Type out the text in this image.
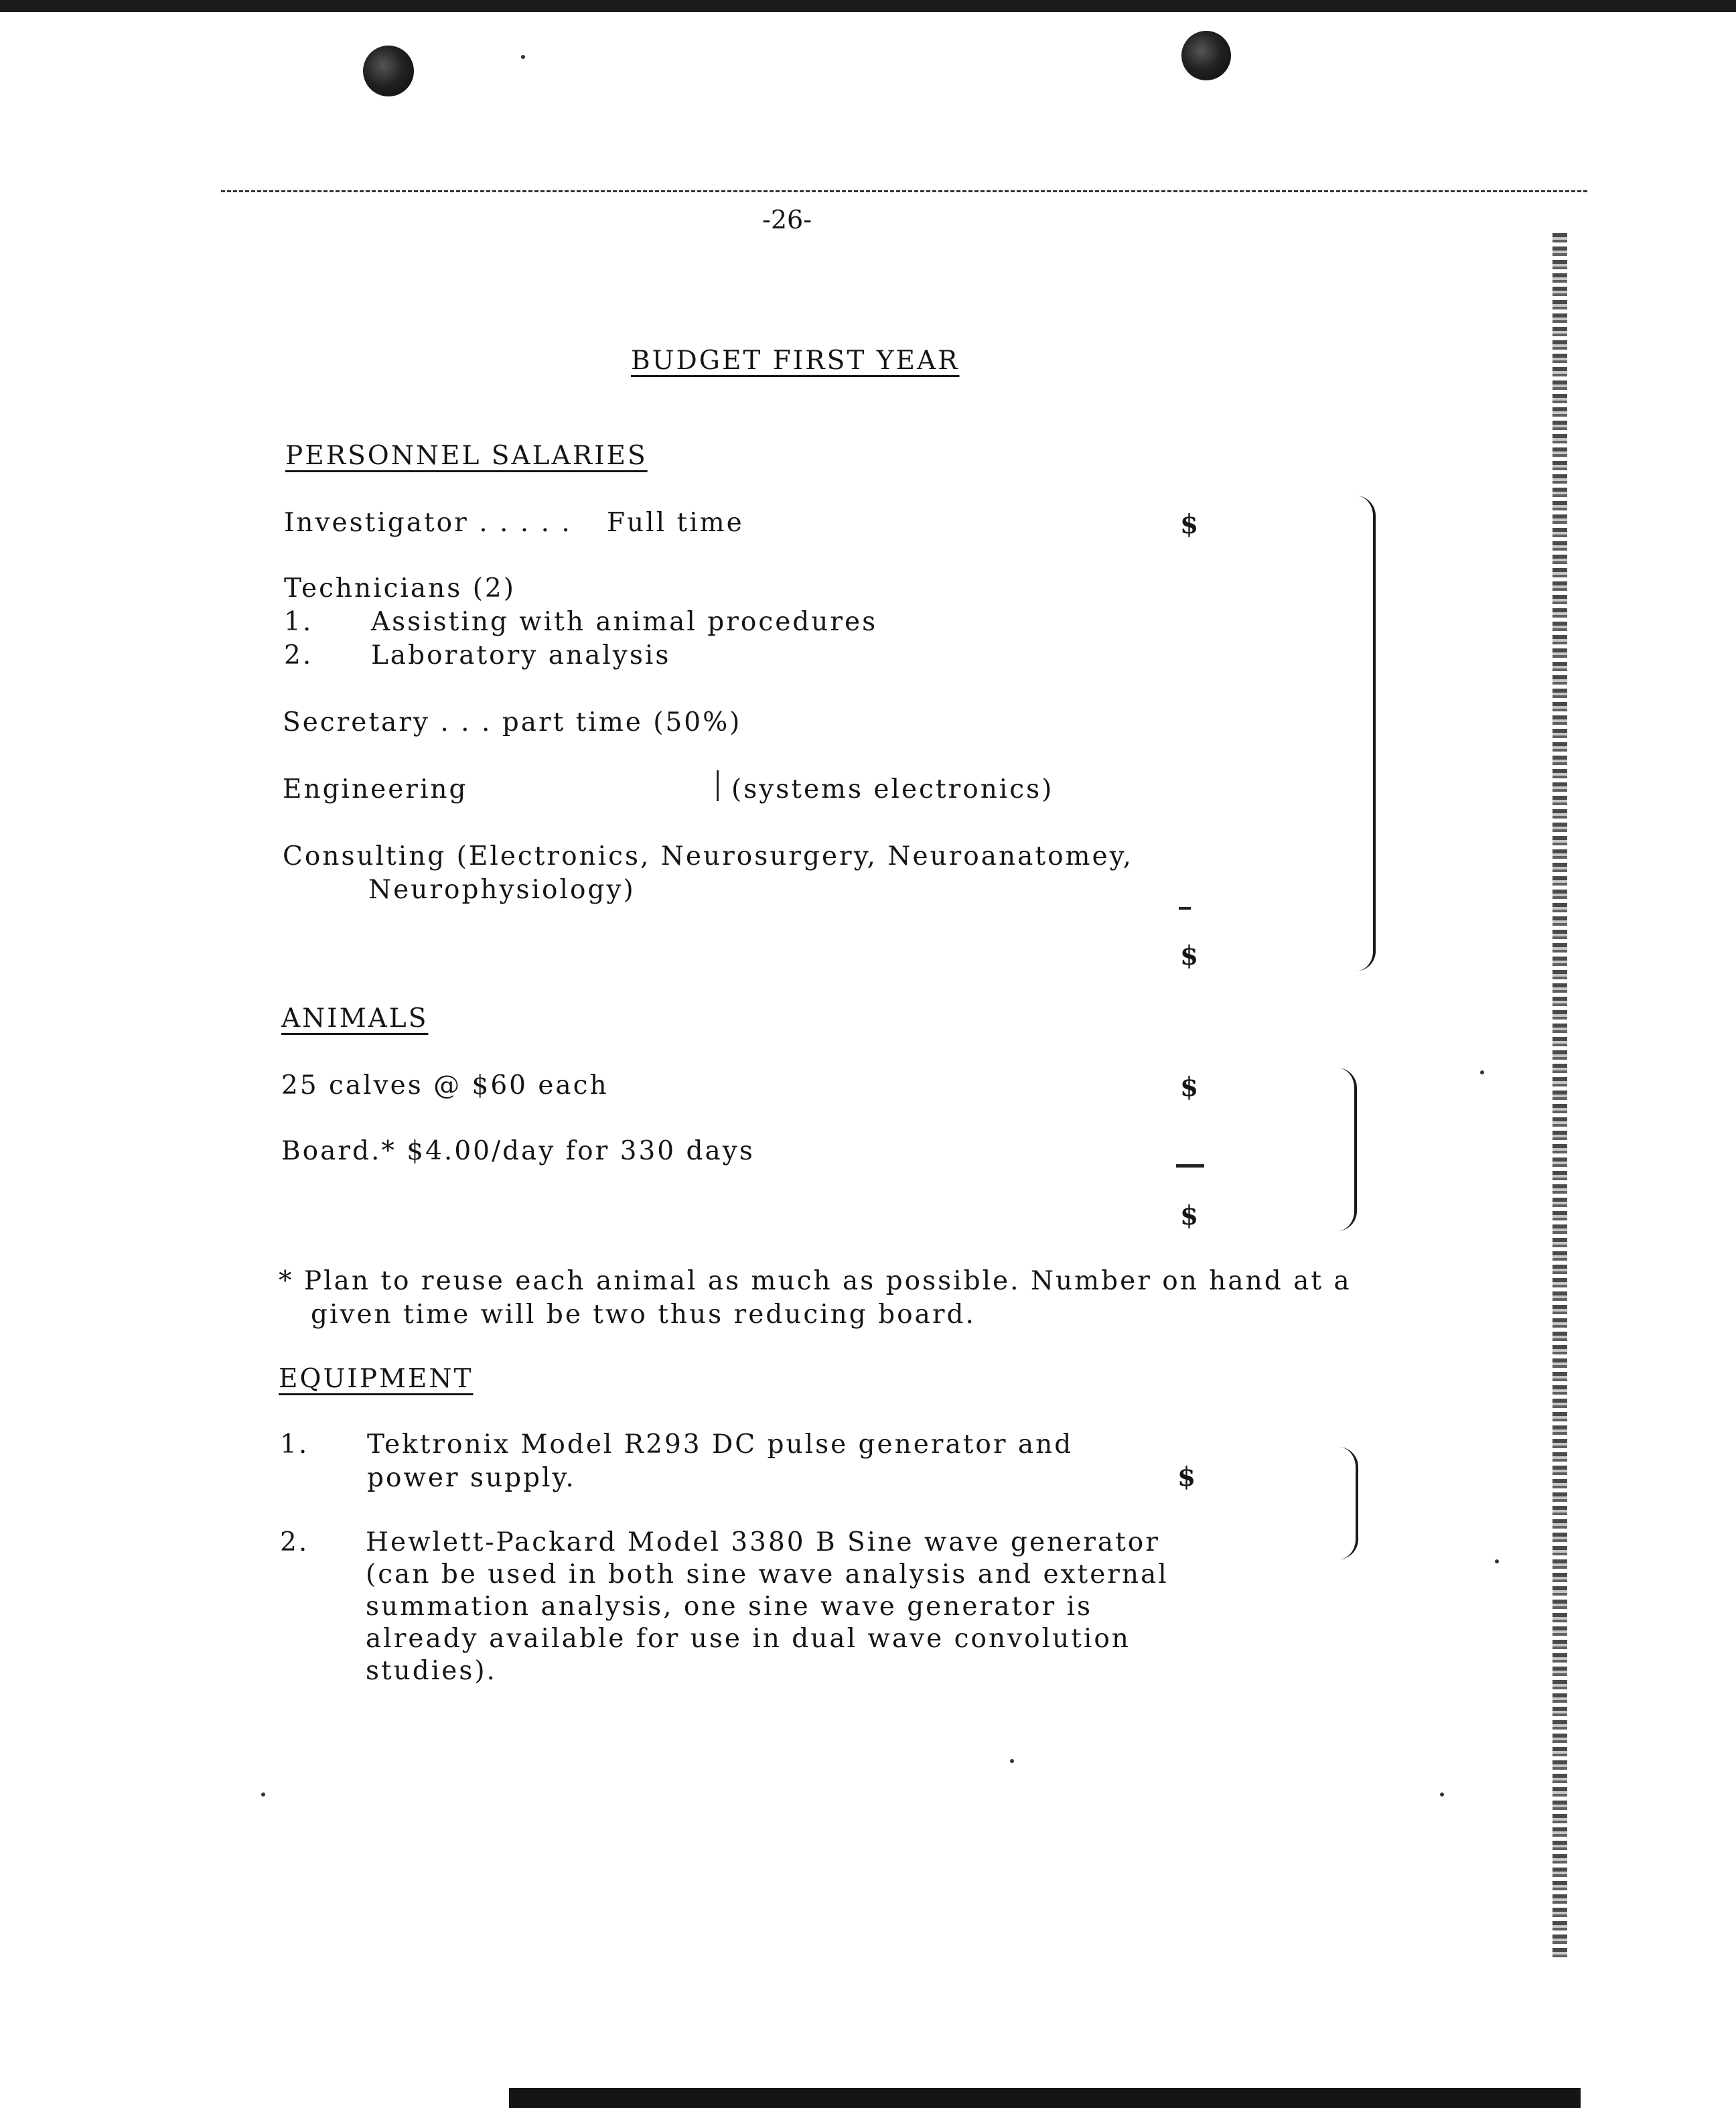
-26-
BUDGET FIRST YEAR
PERSONNEL SALARIES
Investigator . . . . . Full time	$
Technicians (2)
1. Assisting with animal procedures
2. Laboratory analysis
Secretary . . . part time (50%)
Engineering	(systems electronics)
Consulting (Electronics, Neurosurgery, Neuroanatomey,
Neurophysiology)
$
ANIMALS
25 calves @ $60 each	$
Board.* $4.00/day for 330 days
$
* Plan to reuse each animal as much as possible. Number on hand at a
given time will be two thus reducing board.
EQUIPMENT
1. Tektronix Model R293 DC pulse generator and
power supply.	$
2. Hewlett-Packard Model 3380 B Sine wave generator
(can be used in both sine wave analysis and external
summation analysis, one sine wave generator is
already available for use in dual wave convolution
studies).
